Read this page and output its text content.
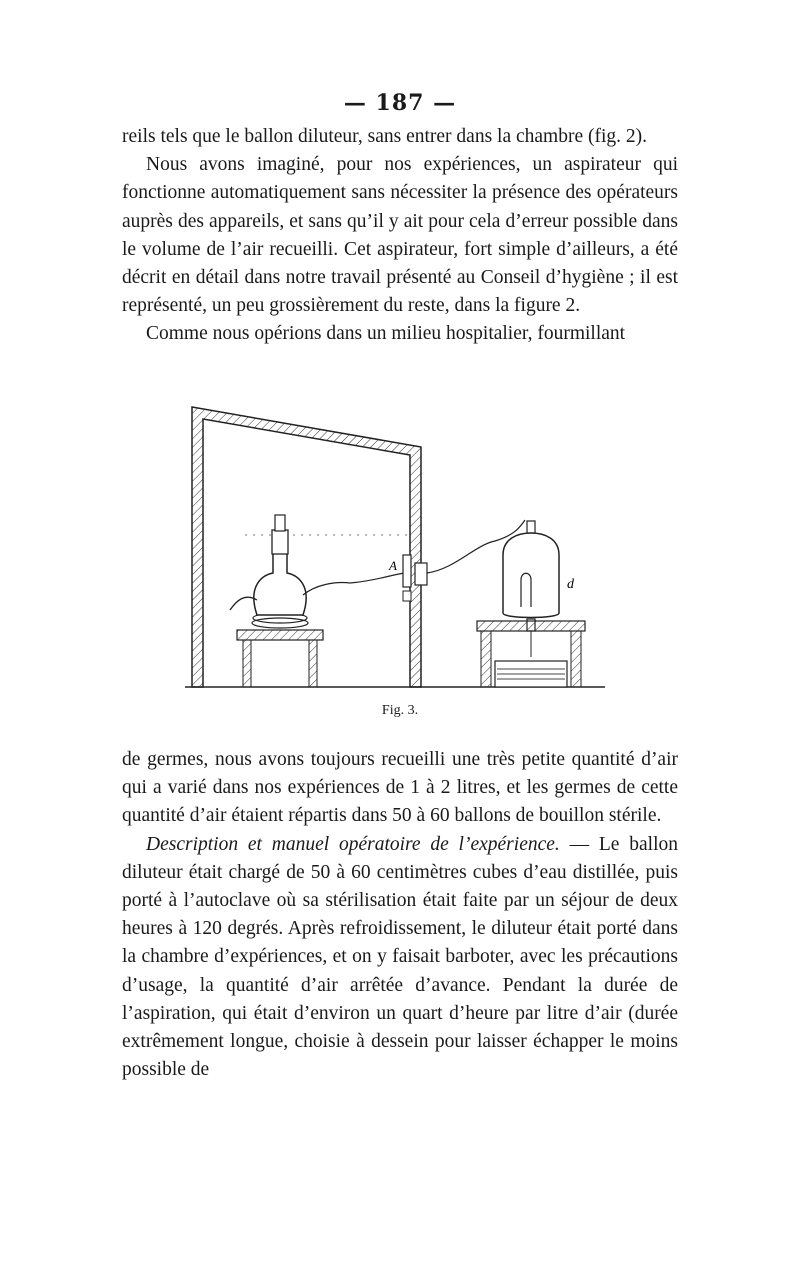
— 187 —

reils tels que le ballon diluteur, sans entrer dans la chambre (fig. 2).

Nous avons imaginé, pour nos expériences, un aspirateur qui fonctionne automatiquement sans nécessiter la présence des opérateurs auprès des appareils, et sans qu’il y ait pour cela d’erreur possible dans le volume de l’air recueilli. Cet aspirateur, fort simple d’ailleurs, a été décrit en détail dans notre travail présenté au Conseil d’hygiène ; il est représenté, un peu grossièrement du reste, dans la figure 2.

Comme nous opérions dans un milieu hospitalier, fourmillant

A
d
Fig. 3.

de germes, nous avons toujours recueilli une très petite quantité d’air qui a varié dans nos expériences de 1 à 2 litres, et les germes de cette quantité d’air étaient répartis dans 50 à 60 ballons de bouillon stérile.

Description et manuel opératoire de l’expérience. — Le ballon diluteur était chargé de 50 à 60 centimètres cubes d’eau distillée, puis porté à l’autoclave où sa stérilisation était faite par un séjour de deux heures à 120 degrés. Après refroidissement, le diluteur était porté dans la chambre d’expériences, et on y faisait barboter, avec les précautions d’usage, la quantité d’air arrêtée d’avance. Pendant la durée de l’aspiration, qui était d’environ un quart d’heure par litre d’air (durée extrêmement longue, choisie à dessein pour laisser échapper le moins possible de
